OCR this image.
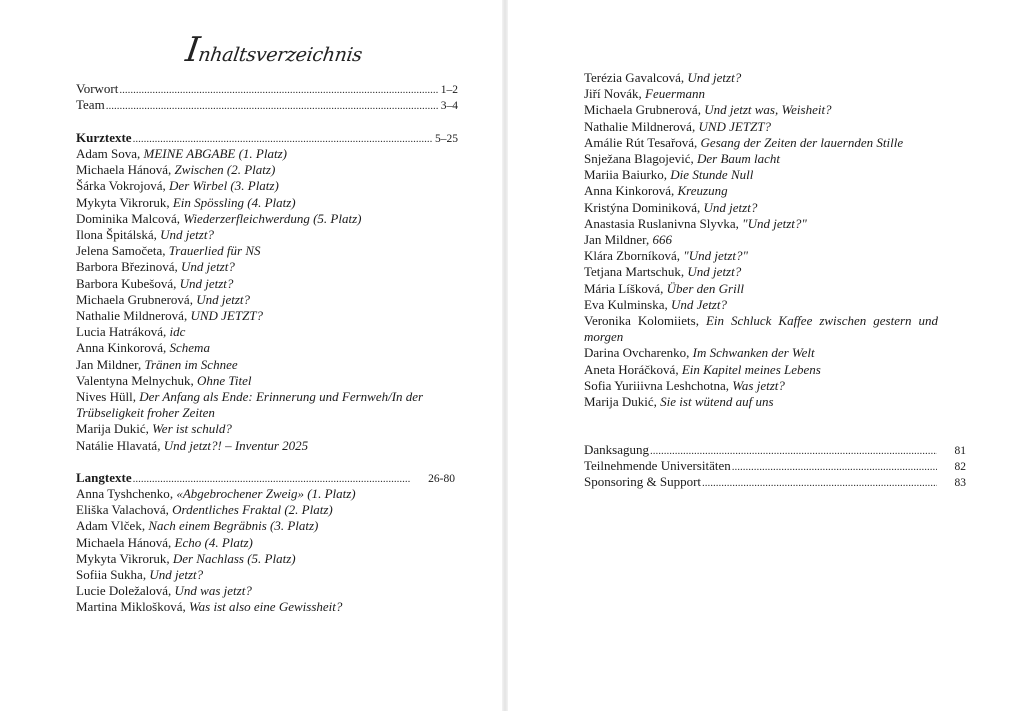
Inhaltsverzeichnis
Vorwort .....	1–2
Team .....	3–4
Kurztexte .....	5–25
Adam Sova, MEINE ABGABE (1. Platz)
Michaela Hánová, Zwischen (2. Platz)
Šárka Vokrojová, Der Wirbel (3. Platz)
Mykyta Vikroruk, Ein Spössling (4. Platz)
Dominika Malcová, Wiederzerfleichwerdung (5. Platz)
Ilona Špitálská, Und jetzt?
Jelena Samočeta, Trauerlied für NS
Barbora Březinová, Und jetzt?
Barbora Kubešová, Und jetzt?
Michaela Grubnerová, Und jetzt?
Nathalie Mildnerová, UND JETZT?
Lucia Hatráková, idc
Anna Kinkorová, Schema
Jan Mildner, Tränen im Schnee
Valentyna Melnychuk, Ohne Titel
Nives Hüll, Der Anfang als Ende: Erinnerung und Fernweh/In der Trübseligkeit froher Zeiten
Marija Dukić, Wer ist schuld?
Natálie Hlavatá, Und jetzt?! – Inventur 2025
Langtexte .....	26-80
Anna Tyshchenko, «Abgebrochener Zweig» (1. Platz)
Eliška Valachová, Ordentliches Fraktal (2. Platz)
Adam Vlček, Nach einem Begräbnis (3. Platz)
Michaela Hánová, Echo (4. Platz)
Mykyta Vikroruk, Der Nachlass (5. Platz)
Sofiia Sukha, Und jetzt?
Lucie Doležalová, Und was jetzt?
Martina Miklošková, Was ist also eine Gewissheit?
Terézia Gavalcová, Und jetzt?
Jiří Novák, Feuermann
Michaela Grubnerová, Und jetzt was, Weisheit?
Nathalie Mildnerová, UND JETZT?
Amálie Rút Tesařová, Gesang der Zeiten der lauernden Stille
Snježana Blagojević, Der Baum lacht
Mariia Baiurko, Die Stunde Null
Anna Kinkorová, Kreuzung
Kristýna Dominiková, Und jetzt?
Anastasia Ruslanivna Slyvka, "Und jetzt?"
Jan Mildner, 666
Klára Zborníková, "Und jetzt?"
Tetjana Martschuk, Und jetzt?
Mária Líšková, Über den Grill
Eva Kulminska, Und Jetzt?
Veronika Kolomiiets, Ein Schluck Kaffee zwischen gestern und morgen
Darina Ovcharenko, Im Schwanken der Welt
Aneta Horáčková, Ein Kapitel meines Lebens
Sofia Yuriiivna Leshchotna, Was jetzt?
Marija Dukić, Sie ist wütend auf uns
Danksagung .....	81
Teilnehmende Universitäten .....	82
Sponsoring & Support .....	83
